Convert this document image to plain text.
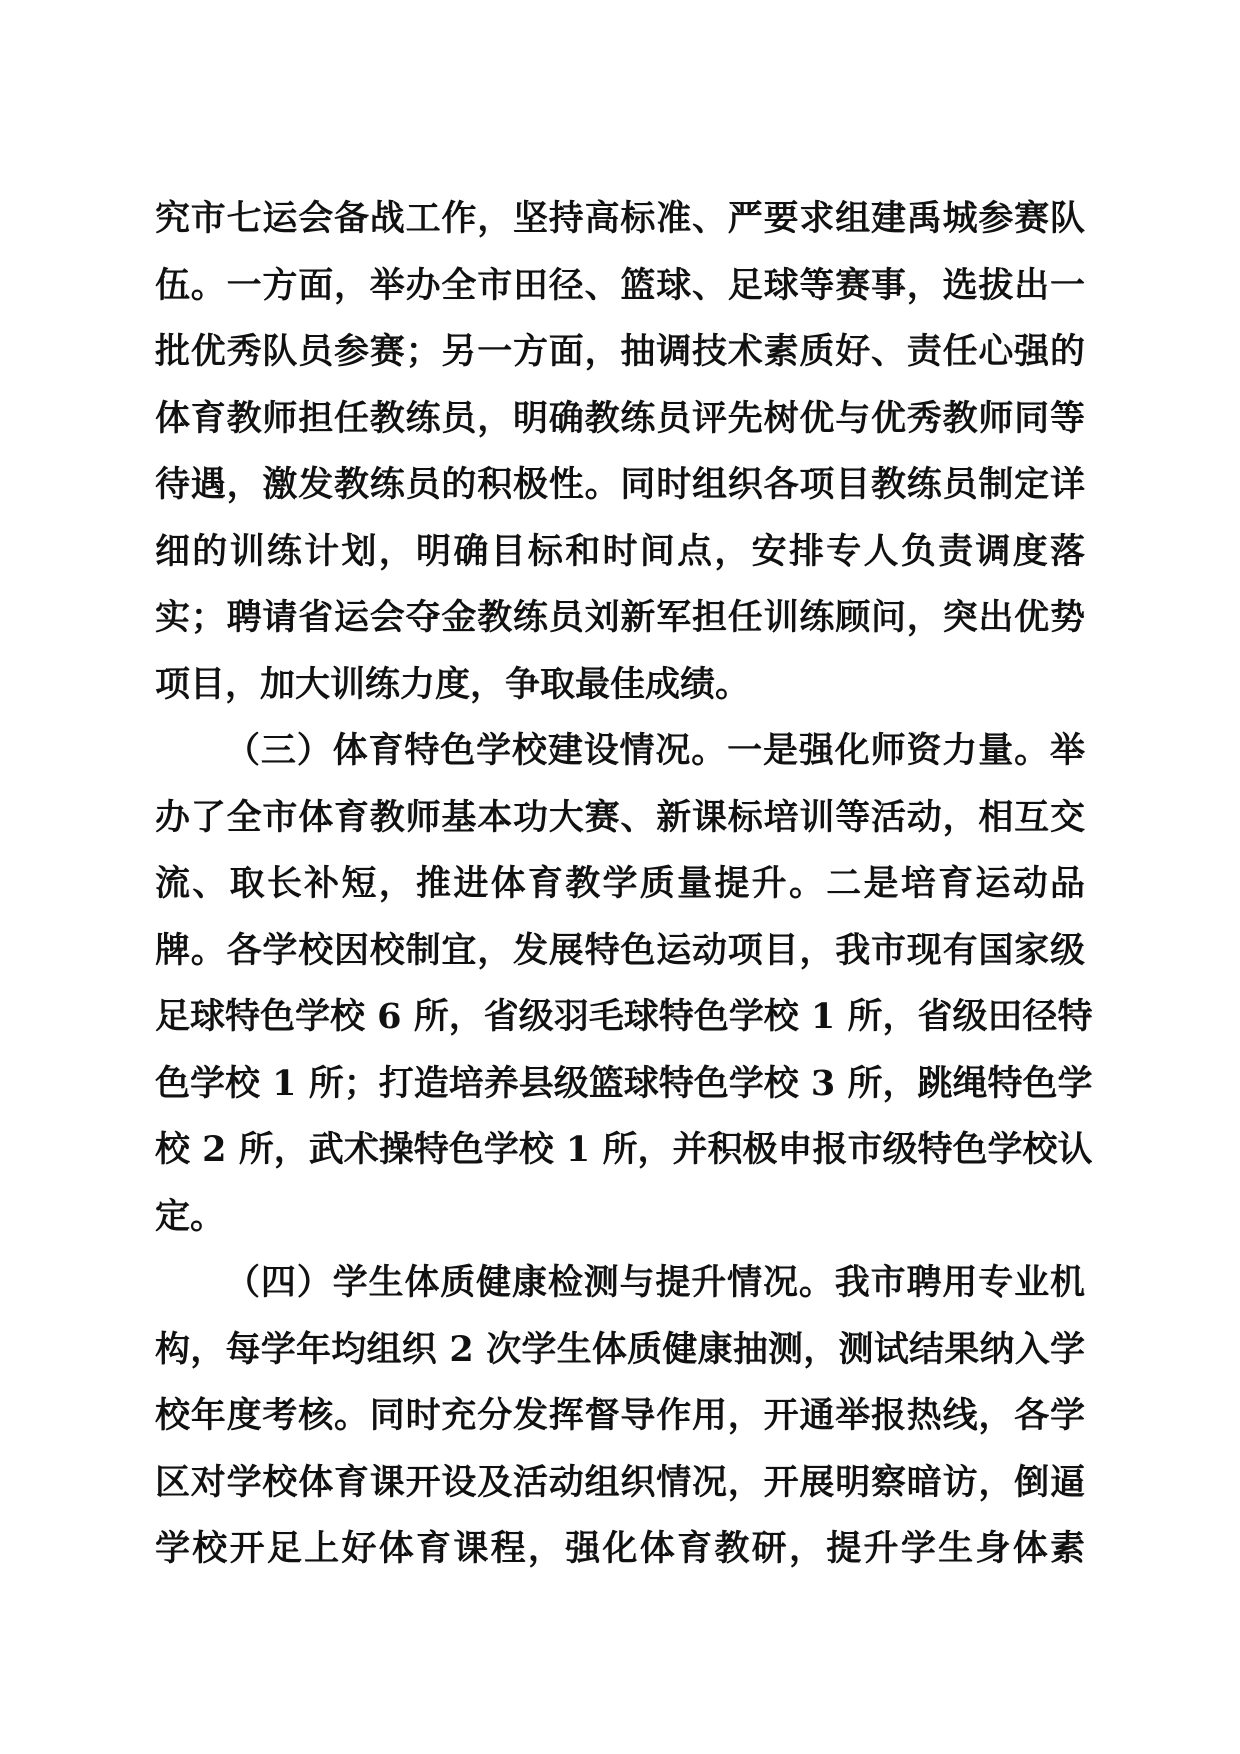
究市七运会备战工作，坚持高标准、严要求组建禹城参赛队
伍。一方面，举办全市田径、篮球、足球等赛事，选拔出一
批优秀队员参赛；另一方面，抽调技术素质好、责任心强的
体育教师担任教练员，明确教练员评先树优与优秀教师同等
待遇，激发教练员的积极性。同时组织各项目教练员制定详
细的训练计划，明确目标和时间点，安排专人负责调度落
实；聘请省运会夺金教练员刘新军担任训练顾问，突出优势
项目，加大训练力度，争取最佳成绩。
（三）体育特色学校建设情况。一是强化师资力量。举
办了全市体育教师基本功大赛、新课标培训等活动，相互交
流、取长补短，推进体育教学质量提升。二是培育运动品
牌。各学校因校制宜，发展特色运动项目，我市现有国家级
足球特色学校 6 所，省级羽毛球特色学校 1 所，省级田径特
色学校 1 所；打造培养县级篮球特色学校 3 所，跳绳特色学
校 2 所，武术操特色学校 1 所，并积极申报市级特色学校认
定。
（四）学生体质健康检测与提升情况。我市聘用专业机
构，每学年均组织 2 次学生体质健康抽测，测试结果纳入学
校年度考核。同时充分发挥督导作用，开通举报热线，各学
区对学校体育课开设及活动组织情况，开展明察暗访，倒逼
学校开足上好体育课程，强化体育教研，提升学生身体素
